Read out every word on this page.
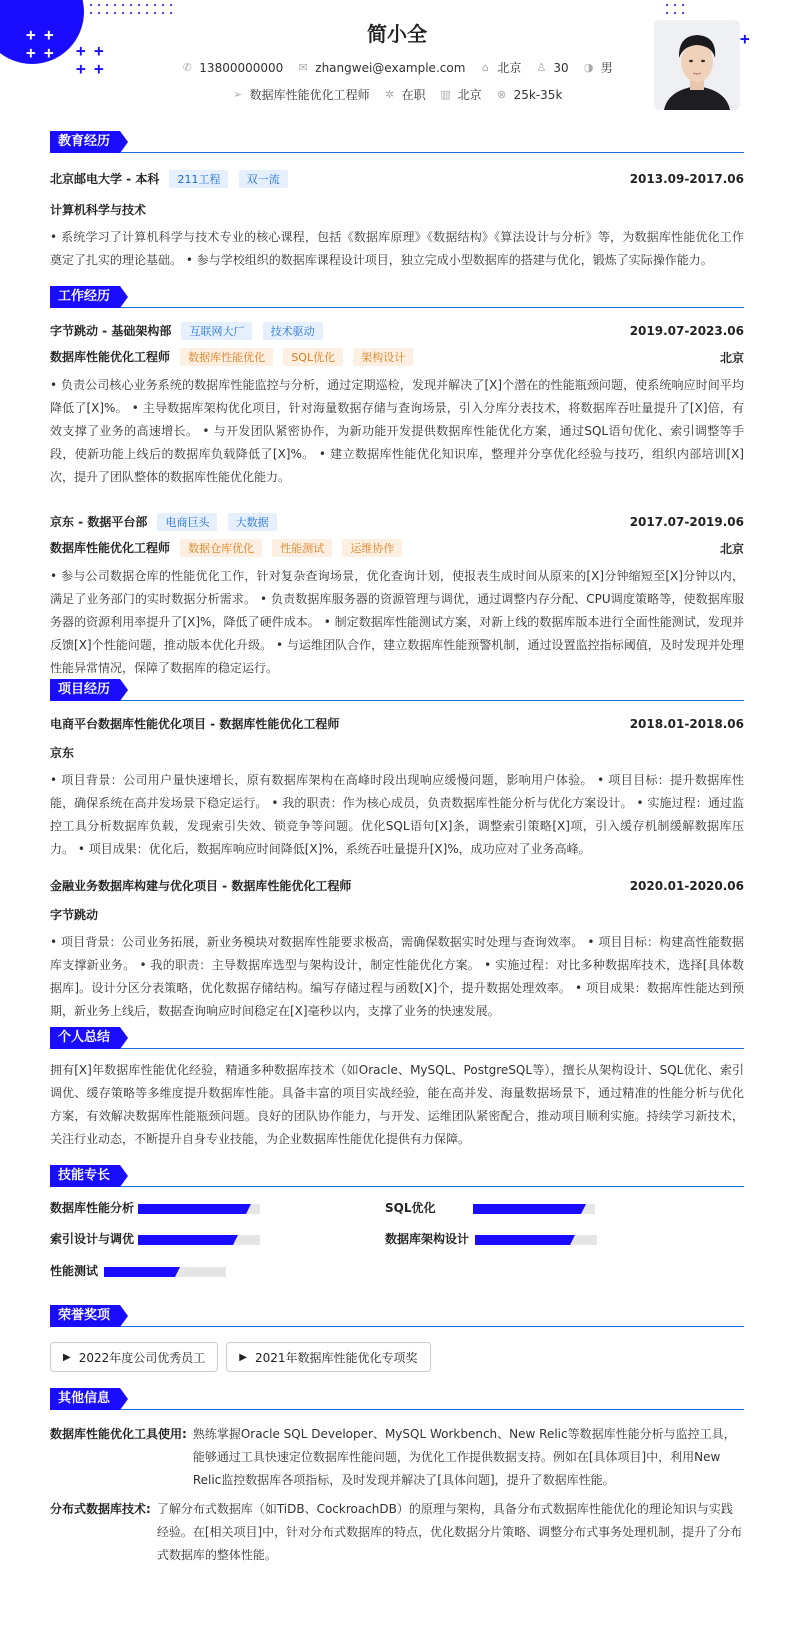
+ +
+ + + +
+ +
+
简小全
✆ 13800000000 ✉ zhangwei@example.com ⌂ 北京 ♙ 30 ◑ 男
➢ 数据库性能优化工程师 ✲ 在职 ▥ 北京 ⊗ 25k-35k
教育经历
北京邮电大学 - 本科 211工程 双一流	2013.09-2017.06
计算机科学与技术
• 系统学习了计算机科学与技术专业的核心课程，包括《数据库原理》《数据结构》《算法设计与分析》等，为数据库性能优化工作奠定了扎实的理论基础。 • 参与学校组织的数据库课程设计项目，独立完成小型数据库的搭建与优化，锻炼了实际操作能力。
工作经历
字节跳动 - 基础架构部 互联网大厂 技术驱动	2019.07-2023.06
数据库性能优化工程师 数据库性能优化 SQL优化 架构设计	北京
• 负责公司核心业务系统的数据库性能监控与分析，通过定期巡检，发现并解决了[X]个潜在的性能瓶颈问题，使系统响应时间平均降低了[X]%。 • 主导数据库架构优化项目，针对海量数据存储与查询场景，引入分库分表技术，将数据库吞吐量提升了[X]倍，有效支撑了业务的高速增长。 • 与开发团队紧密协作，为新功能开发提供数据库性能优化方案，通过SQL语句优化、索引调整等手段，使新功能上线后的数据库负载降低了[X]%。 • 建立数据库性能优化知识库，整理并分享优化经验与技巧，组织内部培训[X]次，提升了团队整体的数据库性能优化能力。
京东 - 数据平台部 电商巨头 大数据	2017.07-2019.06
数据库性能优化工程师 数据仓库优化 性能测试 运维协作	北京
• 参与公司数据仓库的性能优化工作，针对复杂查询场景，优化查询计划，使报表生成时间从原来的[X]分钟缩短至[X]分钟以内，满足了业务部门的实时数据分析需求。 • 负责数据库服务器的资源管理与调优，通过调整内存分配、CPU调度策略等，使数据库服务器的资源利用率提升了[X]%，降低了硬件成本。 • 制定数据库性能测试方案，对新上线的数据库版本进行全面性能测试，发现并反馈[X]个性能问题，推动版本优化升级。 • 与运维团队合作，建立数据库性能预警机制，通过设置监控指标阈值，及时发现并处理性能异常情况，保障了数据库的稳定运行。
项目经历
电商平台数据库性能优化项目 - 数据库性能优化工程师	2018.01-2018.06
京东
• 项目背景：公司用户量快速增长，原有数据库架构在高峰时段出现响应缓慢问题，影响用户体验。 • 项目目标：提升数据库性能，确保系统在高并发场景下稳定运行。 • 我的职责：作为核心成员，负责数据库性能分析与优化方案设计。 • 实施过程：通过监控工具分析数据库负载，发现索引失效、锁竞争等问题。优化SQL语句[X]条，调整索引策略[X]项，引入缓存机制缓解数据库压力。 • 项目成果：优化后，数据库响应时间降低[X]%，系统吞吐量提升[X]%，成功应对了业务高峰。
金融业务数据库构建与优化项目 - 数据库性能优化工程师	2020.01-2020.06
字节跳动
• 项目背景：公司业务拓展，新业务模块对数据库性能要求极高，需确保数据实时处理与查询效率。 • 项目目标：构建高性能数据库支撑新业务。 • 我的职责：主导数据库选型与架构设计，制定性能优化方案。 • 实施过程：对比多种数据库技术，选择[具体数据库]。设计分区分表策略，优化数据存储结构。编写存储过程与函数[X]个，提升数据处理效率。 • 项目成果：数据库性能达到预期，新业务上线后，数据查询响应时间稳定在[X]毫秒以内，支撑了业务的快速发展。
个人总结
拥有[X]年数据库性能优化经验，精通多种数据库技术（如Oracle、MySQL、PostgreSQL等），擅长从架构设计、SQL优化、索引调优、缓存策略等多维度提升数据库性能。具备丰富的项目实战经验，能在高并发、海量数据场景下，通过精准的性能分析与优化方案，有效解决数据库性能瓶颈问题。良好的团队协作能力，与开发、运维团队紧密配合，推动项目顺利实施。持续学习新技术，关注行业动态，不断提升自身专业技能，为企业数据库性能优化提供有力保障。
技能专长
数据库性能分析	SQL优化
索引设计与调优	数据库架构设计
性能测试
荣誉奖项
▶ 2022年度公司优秀员工	▶ 2021年数据库性能优化专项奖
其他信息
数据库性能优化工具使用: 熟练掌握Oracle SQL Developer、MySQL Workbench、New Relic等数据库性能分析与监控工具，能够通过工具快速定位数据库性能问题，为优化工作提供数据支持。例如在[具体项目]中，利用New Relic监控数据库各项指标，及时发现并解决了[具体问题]，提升了数据库性能。
分布式数据库技术: 了解分布式数据库（如TiDB、CockroachDB）的原理与架构，具备分布式数据库性能优化的理论知识与实践经验。在[相关项目]中，针对分布式数据库的特点，优化数据分片策略、调整分布式事务处理机制，提升了分布式数据库的整体性能。
